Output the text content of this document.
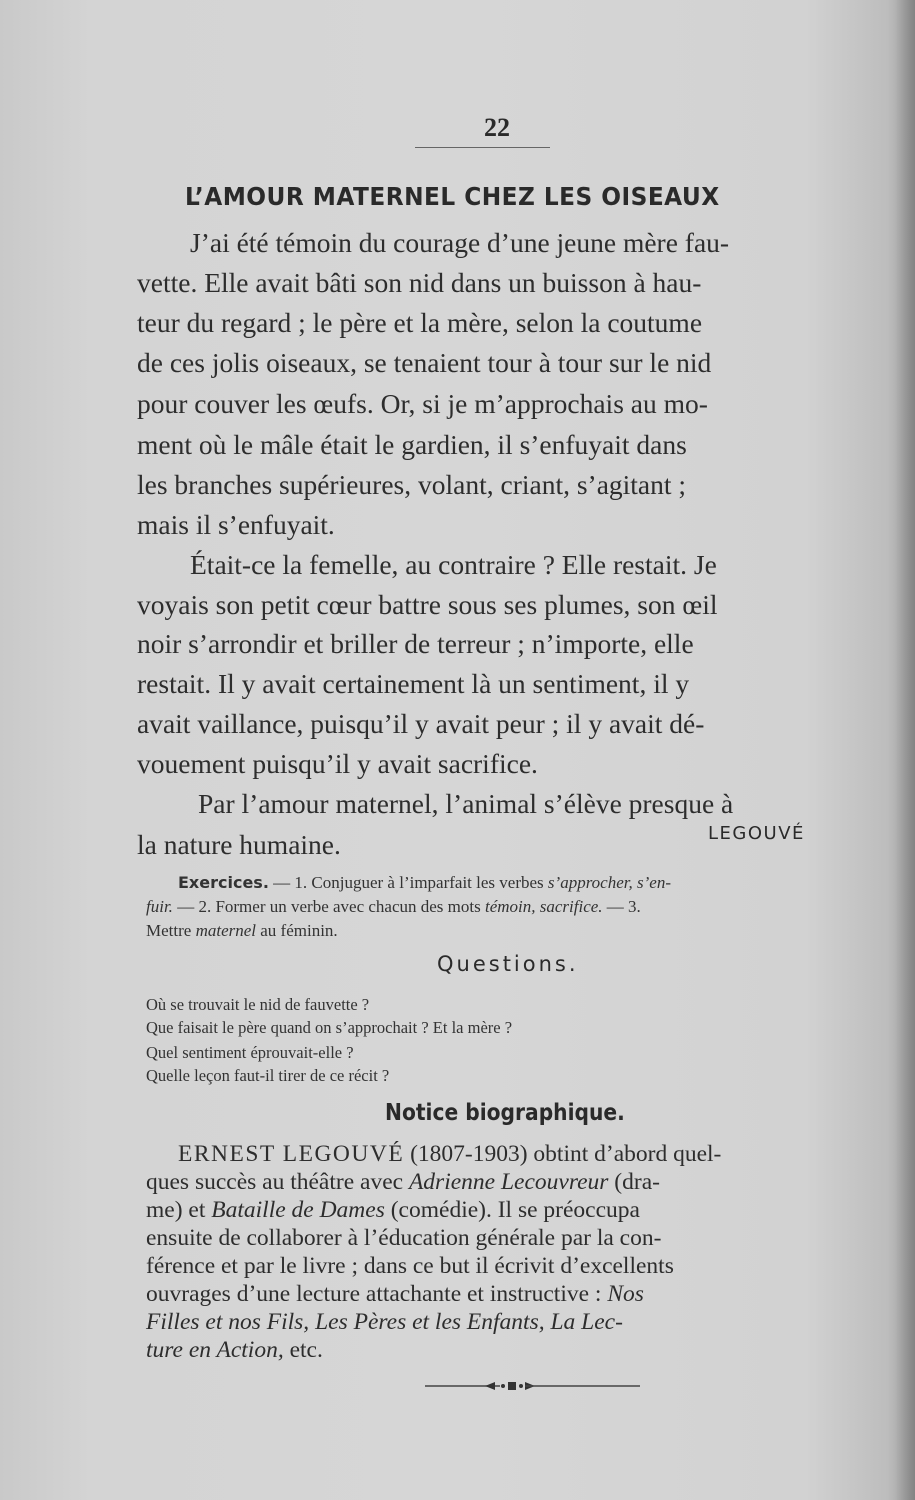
22
L’AMOUR MATERNEL CHEZ LES OISEAUX
J’ai été témoin du courage d’une jeune mère fau-
vette. Elle avait bâti son nid dans un buisson à hau-
teur du regard ; le père et la mère, selon la coutume
de ces jolis oiseaux, se tenaient tour à tour sur le nid
pour couver les œufs. Or, si je m’approchais au mo-
ment où le mâle était le gardien, il s’enfuyait dans
les branches supérieures, volant, criant, s’agitant ;
mais il s’enfuyait.
Était-ce la femelle, au contraire ? Elle restait. Je
voyais son petit cœur battre sous ses plumes, son œil
noir s’arrondir et briller de terreur ; n’importe, elle
restait. Il y avait certainement là un sentiment, il y
avait vaillance, puisqu’il y avait peur ; il y avait dé-
vouement puisqu’il y avait sacrifice.
Par l’amour maternel, l’animal s’élève presque à
la nature humaine.	LEGOUVÉ
Exercices. — 1. Conjuguer à l’imparfait les verbes s’approcher, s’en-
fuir. — 2. Former un verbe avec chacun des mots témoin, sacrifice. — 3.
Mettre maternel au féminin.
Questions.
Où se trouvait le nid de fauvette ?
Que faisait le père quand on s’approchait ? Et la mère ?
Quel sentiment éprouvait-elle ?
Quelle leçon faut-il tirer de ce récit ?
Notice biographique.
ERNEST LEGOUVÉ (1807-1903) obtint d’abord quel-
ques succès au théâtre avec Adrienne Lecouvreur (dra-
me) et Bataille de Dames (comédie). Il se préoccupa
ensuite de collaborer à l’éducation générale par la con-
férence et par le livre ; dans ce but il écrivit d’excellents
ouvrages d’une lecture attachante et instructive : Nos
Filles et nos Fils, Les Pères et les Enfants, La Lec-
ture en Action, etc.
